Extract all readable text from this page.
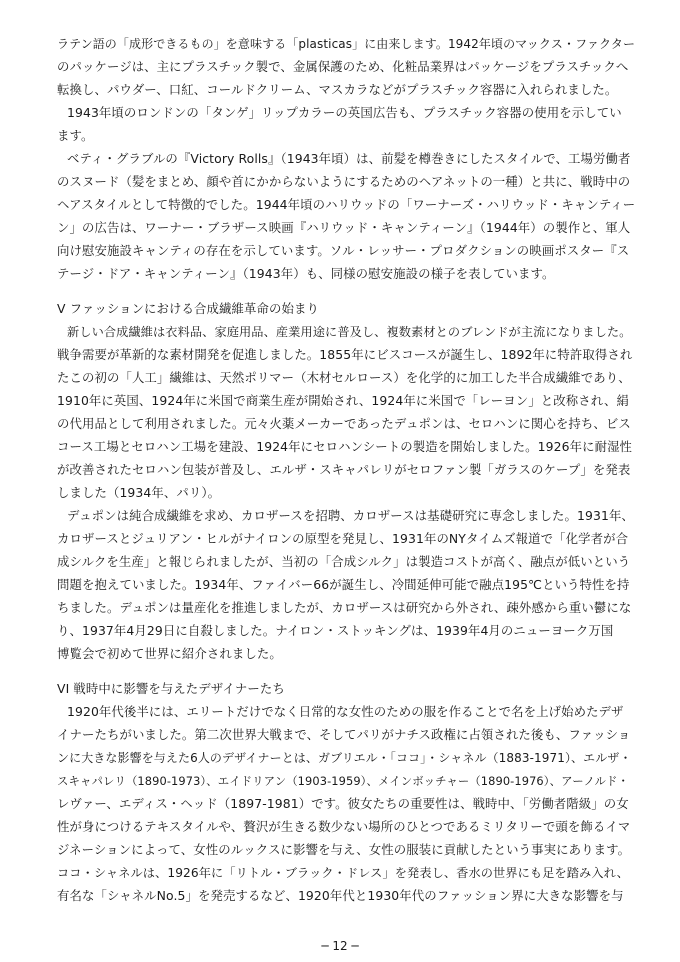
ラテン語の「成形できるもの」を意味する「plasticas」に由来します。1942年頃のマックス・ファクター
のパッケージは、主にプラスチック製で、金属保護のため、化粧品業界はパッケージをプラスチックへ
転換し、パウダー、口紅、コールドクリーム、マスカラなどがプラスチック容器に入れられました。
1943年頃のロンドンの「タンゲ」リップカラーの英国広告も、プラスチック容器の使用を示してい
ます。
ベティ・グラブルの『Victory Rolls』（1943年頃）は、前髪を樽巻きにしたスタイルで、工場労働者
のスヌード（髪をまとめ、顔や首にかからないようにするためのヘアネットの一種）と共に、戦時中の
ヘアスタイルとして特徴的でした。1944年頃のハリウッドの「ワーナーズ・ハリウッド・キャンティー
ン」の広告は、ワーナー・ブラザース映画『ハリウッド・キャンティーン』（1944年）の製作と、軍人
向け慰安施設キャンティの存在を示しています。ソル・レッサー・プロダクションの映画ポスター『ス
テージ・ドア・キャンティーン』（1943年）も、同様の慰安施設の様子を表しています。
V ファッションにおける合成繊維革命の始まり
新しい合成繊維は衣料品、家庭用品、産業用途に普及し、複数素材とのブレンドが主流になりました。
戦争需要が革新的な素材開発を促進しました。1855年にビスコースが誕生し、1892年に特許取得され
たこの初の「人工」繊維は、天然ポリマー（木材セルロース）を化学的に加工した半合成繊維であり、
1910年に英国、1924年に米国で商業生産が開始され、1924年に米国で「レーヨン」と改称され、絹
の代用品として利用されました。元々火薬メーカーであったデュポンは、セロハンに関心を持ち、ビス
コース工場とセロハン工場を建設、1924年にセロハンシートの製造を開始しました。1926年に耐湿性
が改善されたセロハン包装が普及し、エルザ・スキャパレリがセロファン製「ガラスのケープ」を発表
しました（1934年、パリ）。
デュポンは純合成繊維を求め、カロザースを招聘、カロザースは基礎研究に専念しました。1931年、
カロザースとジュリアン・ヒルがナイロンの原型を発見し、1931年のNYタイムズ報道で「化学者が合
成シルクを生産」と報じられましたが、当初の「合成シルク」は製造コストが高く、融点が低いという
問題を抱えていました。1934年、ファイバー66が誕生し、冷間延伸可能で融点195℃という特性を持
ちました。デュポンは量産化を推進しましたが、カロザースは研究から外され、疎外感から重い鬱にな
り、1937年4月29日に自殺しました。ナイロン・ストッキングは、1939年4月のニューヨーク万国
博覧会で初めて世界に紹介されました。
VI 戦時中に影響を与えたデザイナーたち
1920年代後半には、エリートだけでなく日常的な女性のための服を作ることで名を上げ始めたデザ
イナーたちがいました。第二次世界大戦まで、そしてパリがナチス政権に占領された後も、ファッショ
ンに大きな影響を与えた6人のデザイナーとは、ガブリエル・「ココ」・シャネル（1883-1971）、エルザ・
スキャパレリ（1890-1973）、エイドリアン（1903-1959）、メインボッチャー（1890-1976）、アーノルド・
レヴァー、エディス・ヘッド（1897-1981）です。彼女たちの重要性は、戦時中、「労働者階級」の女
性が身につけるテキスタイルや、贅沢が生きる数少ない場所のひとつであるミリタリーで頭を飾るイマ
ジネーションによって、女性のルックスに影響を与え、女性の服装に貢献したという事実にあります。
ココ・シャネルは、1926年に「リトル・ブラック・ドレス」を発表し、香水の世界にも足を踏み入れ、
有名な「シャネルNo.5」を発売するなど、1920年代と1930年代のファッション界に大きな影響を与
─ 12 ─
